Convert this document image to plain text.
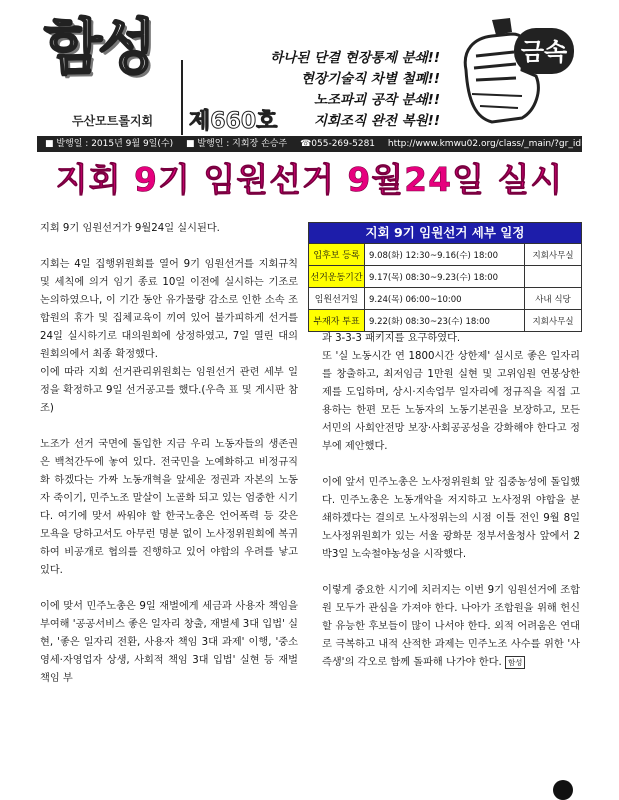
함성
두산모트롤지회 제660호
하나된 단결 현장통제 분쇄!!
현장기술직 차별 철폐!!
노조파괴 공작 분쇄!!
지회조직 완전 복원!!
금속
■ 발행일 : 2015년 9월 9일(수) ■ 발행인 : 지회장 손승주 ☎055-269-5281 http://www.kmwu02.org/class/_main/?gr_id=040
지회 9기 임원선거 9월24일 실시
지회 9기 임원선거 세부 일정
입후보 등록	9.08(화) 12:30~9.16(수) 18:00	지회사무실
선거운동기간 9.17(목) 08:30~9.23(수) 18:00
임원선거일	9.24(목) 06:00~10:00	사내 식당
부재자 투표	9.22(화) 08:30~23(수) 18:00	지회사무실

지회 9기 임원선거가 9월24일 실시된다.

지회는 4일 집행위원회를 열어 9기 임원선거를 지회규칙 및 세칙에 의거 임기 종료 10일 이전에 실시하는 기조로 논의하였으나, 이 기간 동안 유가물량 감소로 인한 소속 조합원의 휴가 및 집체교육이 끼여 있어 불가피하게 선거를 24일 실시하기로 대의원회에 상정하였고, 7일 열린 대의원회의에서 최종 확정했다.

이에 따라 지회 선거관리위원회는 임원선거 관련 세부 일정을 확정하고 9일 선거공고를 했다.(우측 표 및 게시판 참조)

노조가 선거 국면에 돌입한 지금 우리 노동자들의 생존권은 백척간두에 놓여 있다. 전국민을 노예화하고 비정규직화 하겠다는 가짜 노동개혁을 앞세운 정권과 자본의 노동자 죽이기, 민주노조 말살이 노골화 되고 있는 엄중한 시기다. 여기에 맞서 싸워야 할 한국노총은 언어폭력 등 갖은 모욕을 당하고서도 아무런 명분 없이 노사정위원회에 복귀하여 비공개로 협의를 진행하고 있어 야합의 우려를 낳고 있다.

이에 맞서 민주노총은 9일 재벌에게 세금과 사용자 책임을 부여해 '공공서비스 좋은 일자리 창출, 재벌세 3대 입법' 실현, '좋은 일자리 전환, 사용자 책임 3대 과제' 이행, '중소영세·자영업자 상생, 사회적 책임 3대 입법' 실현 등 재벌책임 부

과 3-3-3 패키지를 요구하였다.

또 '실 노동시간 연 1800시간 상한제' 실시로 좋은 일자리를 창출하고, 최저임금 1만원 실현 및 고위임원 연봉상한제를 도입하며, 상시·지속업무 일자리에 정규직을 직접 고용하는 한편 모든 노동자의 노동기본권을 보장하고, 모든 서민의 사회안전망 보장·사회공공성을 강화해야 한다고 정부에 제안했다.

이에 앞서 민주노총은 노사정위원회 앞 집중농성에 돌입했다. 민주노총은 노동개악을 저지하고 노사정위 야합을 분쇄하겠다는 결의로 노사정위는의 시점 이틀 전인 9월 8일 노사정위원회가 있는 서울 광화문 정부서울청사 앞에서 2박3일 노숙철야농성을 시작했다.

이렇게 중요한 시기에 치러지는 이번 9기 임원선거에 조합원 모두가 관심을 가져야 한다. 나아가 조합원을 위해 헌신할 유능한 후보들이 많이 나서야 한다. 외적 어려움은 연대로 극복하고 내적 산적한 과제는 민주노조 사수를 위한 '사즉생'의 각오로 함께 돌파해 나가야 한다. 함성
